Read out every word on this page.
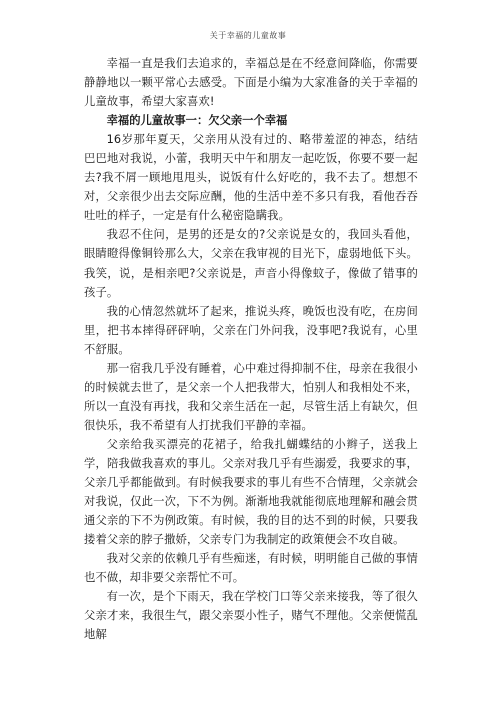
关于幸福的儿童故事

幸福一直是我们去追求的，幸福总是在不经意间降临，你需要静静地以一颗平常心去感受。下面是小编为大家准备的关于幸福的儿童故事，希望大家喜欢!

幸福的儿童故事一：欠父亲一个幸福

16岁那年夏天，父亲用从没有过的、略带羞涩的神态，结结巴巴地对我说，小蕾，我明天中午和朋友一起吃饭，你要不要一起去?我不屑一顾地甩甩头，说饭有什么好吃的，我不去了。想想不对，父亲很少出去交际应酬，他的生活中差不多只有我，看他吞吞吐吐的样子，一定是有什么秘密隐瞒我。

我忍不住问，是男的还是女的?父亲说是女的，我回头看他，眼睛瞪得像铜铃那么大，父亲在我审视的目光下，虚弱地低下头。我笑，说，是相亲吧?父亲说是，声音小得像蚊子，像做了错事的孩子。

我的心情忽然就坏了起来，推说头疼，晚饭也没有吃，在房间里，把书本摔得砰砰响，父亲在门外问我，没事吧?我说有，心里不舒服。

那一宿我几乎没有睡着，心中难过得抑制不住，母亲在我很小的时候就去世了，是父亲一个人把我带大，怕别人和我相处不来，所以一直没有再找，我和父亲生活在一起，尽管生活上有缺欠，但很快乐，我不希望有人打扰我们平静的幸福。

父亲给我买漂亮的花裙子，给我扎蝴蝶结的小辫子，送我上学，陪我做我喜欢的事儿。父亲对我几乎有些溺爱，我要求的事，父亲几乎都能做到。有时候我要求的事儿有些不合情理，父亲就会对我说，仅此一次，下不为例。渐渐地我就能彻底地理解和融会贯通父亲的下不为例政策。有时候，我的目的达不到的时候，只要我搂着父亲的脖子撒娇，父亲专门为我制定的政策便会不攻自破。

我对父亲的依赖几乎有些痴迷，有时候，明明能自己做的事情也不做，却非要父亲帮忙不可。

有一次，是个下雨天，我在学校门口等父亲来接我，等了很久父亲才来，我很生气，跟父亲耍小性子，赌气不理他。父亲便慌乱地解
